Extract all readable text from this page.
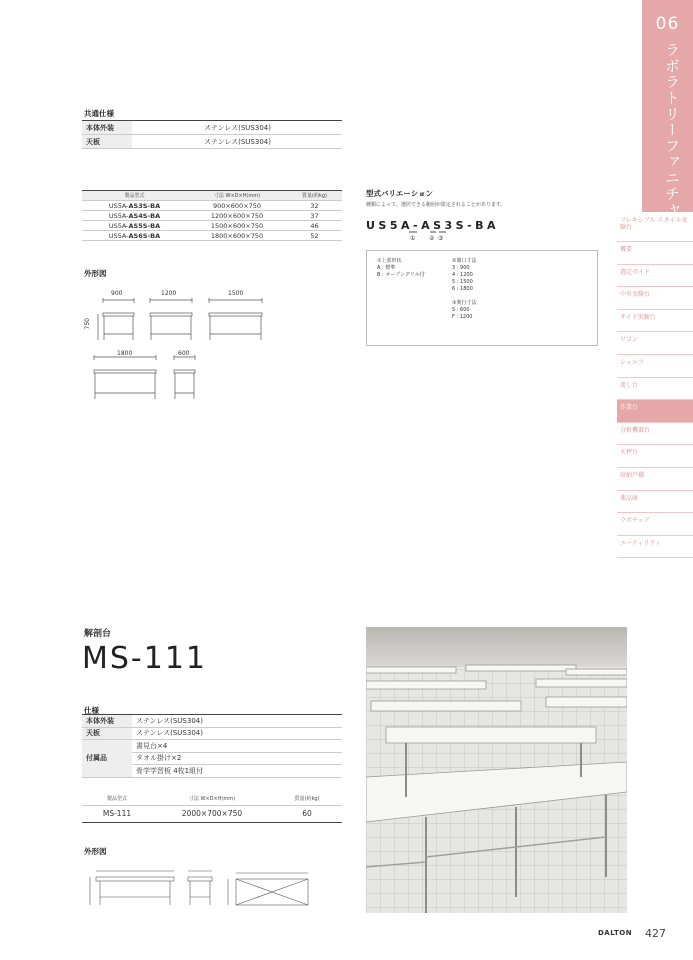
06
ラボラトリーファニチャー
フレキシブル スタイル実験台
概要
選定ガイド
中央実験台
サイド実験台
ワゴン
シェルフ
流し台
作業台
分析機器台
天秤台
収納戸棚
薬品庫
ラボチェア
ユーティリティ
共通仕様
本体外装	ステンレス(SUS304)
天板	ステンレス(SUS304)
製品型式	寸法 W×D×H(mm)	質量(約kg)
US5A-AS3S-BA	900×600×750	32
US5A-AS4S-BA	1200×600×750	37
US5A-AS5S-BA	1500×600×750	46
US5A-AS6S-BA	1800×600×750	52
外形図
900	1200	1500
750
1800	600
型式バリエーション
種類によって、選択できる範囲が限定されることがあります。
US5A-AS3S-BA
① ② ③
①上部形状
A : 標準
B : オープングリル付
②間口寸法
3 : 900
4 : 1200
5 : 1500
6 : 1800
③奥行寸法
S : 600
F : 1200
解剖台
MS-111
仕様
本体外装	ステンレス(SUS304)
天板	ステンレス(SUS304)
付属品	書見台×4
	タオル掛け×2
	骨学学習板 4枚1組付
製品型式	寸法 W×D×H(mm)	質量(約kg)
MS-111	2000×700×750	60
外形図
DALTON 427
